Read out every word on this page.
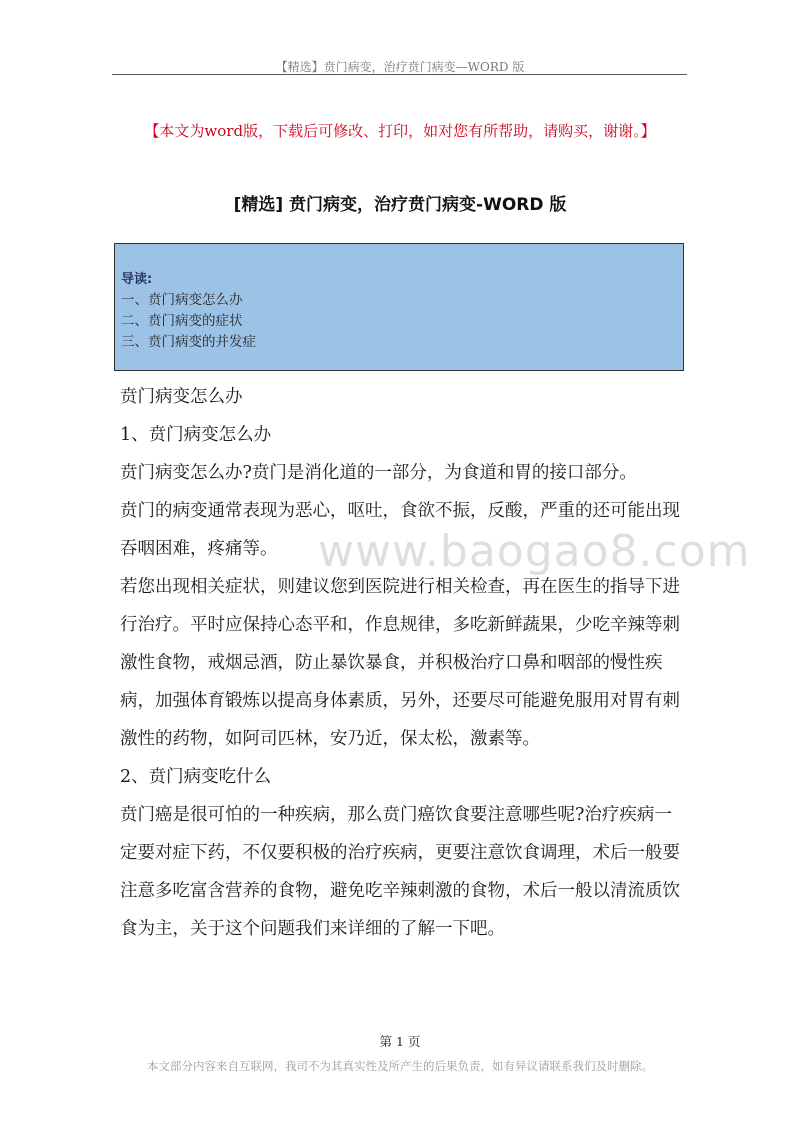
【精选】贲门病变，治疗贲门病变—WORD 版
【本文为word版，下载后可修改、打印，如对您有所帮助，请购买，谢谢。】
[精选] 贲门病变，治疗贲门病变-WORD 版
导读:
一、贲门病变怎么办
二、贲门病变的症状
三、贲门病变的并发症

贲门病变怎么办

1、贲门病变怎么办

贲门病变怎么办?贲门是消化道的一部分，为食道和胃的接口部分。

贲门的病变通常表现为恶心，呕吐，食欲不振，反酸，严重的还可能出现吞咽困难，疼痛等。

若您出现相关症状，则建议您到医院进行相关检查，再在医生的指导下进行治疗。平时应保持心态平和，作息规律，多吃新鲜蔬果，少吃辛辣等刺激性食物，戒烟忌酒，防止暴饮暴食，并积极治疗口鼻和咽部的慢性疾病，加强体育锻炼以提高身体素质，另外，还要尽可能避免服用对胃有刺激性的药物，如阿司匹林，安乃近，保太松，激素等。

2、贲门病变吃什么

贲门癌是很可怕的一种疾病，那么贲门癌饮食要注意哪些呢?治疗疾病一定要对症下药，不仅要积极的治疗疾病，更要注意饮食调理，术后一般要注意多吃富含营养的食物，避免吃辛辣刺激的食物，术后一般以清流质饮食为主，关于这个问题我们来详细的了解一下吧。

www.baogao8.com
第 1 页
本文部分内容来自互联网，我司不为其真实性及所产生的后果负责，如有异议请联系我们及时删除。
